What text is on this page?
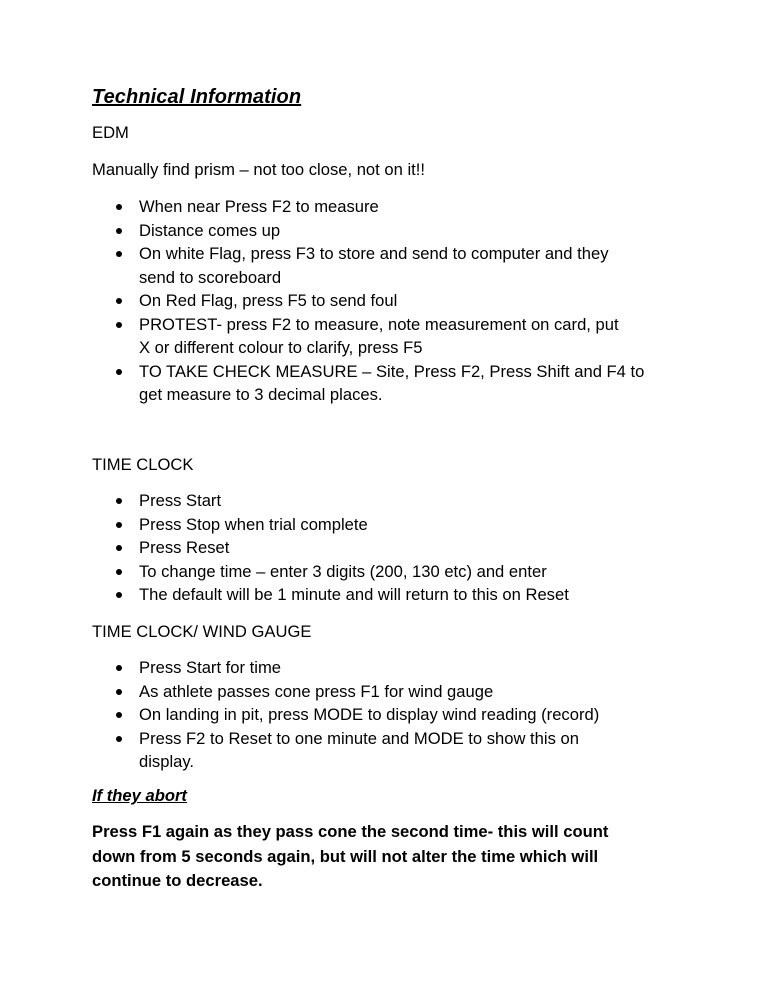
Technical Information

EDM

Manually find prism – not too close, not on it!!

When near Press F2 to measure
Distance comes up
On white Flag, press F3 to store and send to computer and they
send to scoreboard
On Red Flag, press F5 to send foul
PROTEST- press F2 to measure, note measurement on card, put
X or different colour to clarify, press F5
TO TAKE CHECK MEASURE – Site, Press F2, Press Shift and F4 to
get measure to 3 decimal places.

TIME CLOCK

Press Start
Press Stop when trial complete
Press Reset
To change time – enter 3 digits (200, 130 etc) and enter
The default will be 1 minute and will return to this on Reset

TIME CLOCK/ WIND GAUGE

Press Start for time
As athlete passes cone press F1 for wind gauge
On landing in pit, press MODE to display wind reading (record)
Press F2 to Reset to one minute and MODE to show this on
display.

If they abort

Press F1 again as they pass cone the second time- this will count
down from 5 seconds again, but will not alter the time which will
continue to decrease.
